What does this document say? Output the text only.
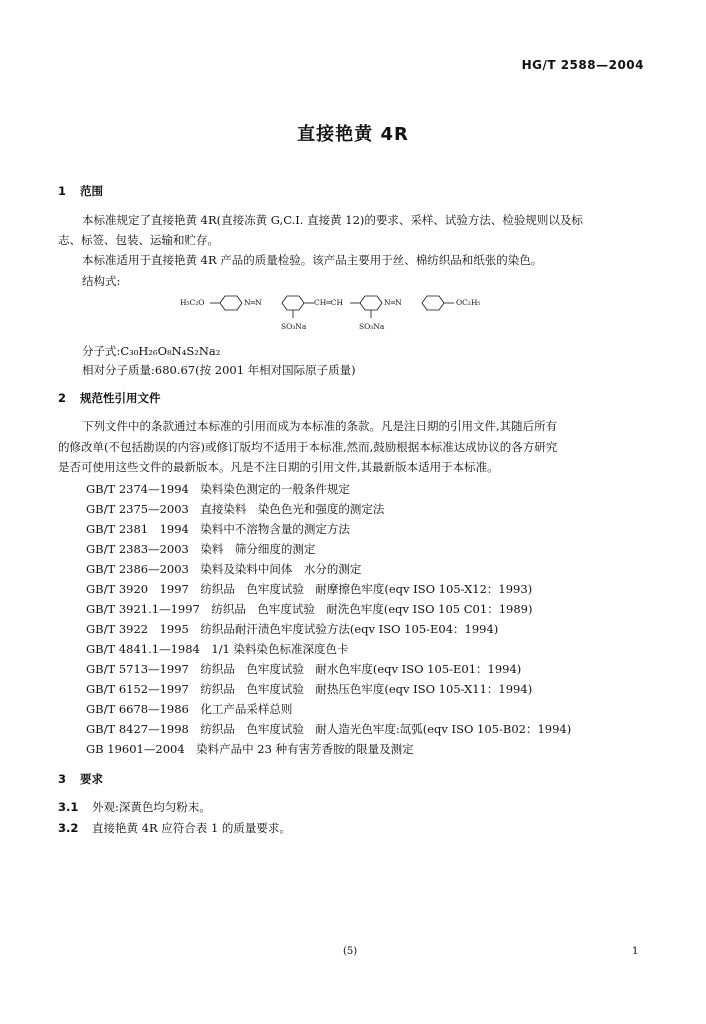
HG/T 2588—2004
直接艳黄 4R
1 范围
本标准规定了直接艳黄 4R(直接冻黄 G,C.I. 直接黄 12)的要求、采样、试验方法、检验规则以及标
志、标签、包装、运输和贮存。
本标准适用于直接艳黄 4R 产品的质量检验。该产品主要用于丝、棉纺织品和纸张的染色。
结构式:
H₅C₂O	N═N
SO₃Na
CH═CH
SO₃Na
N═N	OC₂H₅
分子式:C₃₀H₂₆O₈N₄S₂Na₂
相对分子质量:680.67(按 2001 年相对国际原子质量)
2 规范性引用文件
下列文件中的条款通过本标准的引用而成为本标准的条款。凡是注日期的引用文件,其随后所有
的修改单(不包括勘误的内容)或修订版均不适用于本标准,然而,鼓励根据本标准达成协议的各方研究
是否可使用这些文件的最新版本。凡是不注日期的引用文件,其最新版本适用于本标准。
GB/T 2374—1994　染料染色测定的一般条件规定
GB/T 2375—2003　直接染料　染色色光和强度的测定法
GB/T 2381　1994　染料中不溶物含量的测定方法
GB/T 2383—2003　染料　筛分细度的测定
GB/T 2386—2003　染料及染料中间体　水分的测定
GB/T 3920　1997　纺织品　色牢度试验　耐摩擦色牢度(eqv ISO 105-X12：1993)
GB/T 3921.1—1997　纺织品　色牢度试验　耐洗色牢度(eqv ISO 105 C01：1989)
GB/T 3922　1995　纺织品耐汗渍色牢度试验方法(eqv ISO 105-E04：1994)
GB/T 4841.1—1984　1/1 染料染色标准深度色卡
GB/T 5713—1997　纺织品　色牢度试验　耐水色牢度(eqv ISO 105-E01：1994)
GB/T 6152—1997　纺织品　色牢度试验　耐热压色牢度(eqv ISO 105-X11：1994)
GB/T 6678—1986　化工产品采样总则
GB/T 8427—1998　纺织品　色牢度试验　耐人造光色牢度:氙弧(eqv ISO 105-B02：1994)
GB 19601—2004　染料产品中 23 种有害芳香胺的限量及测定
3 要求
3.1 外观:深黄色均匀粉末。
3.2 直接艳黄 4R 应符合表 1 的质量要求。
(5)	1
